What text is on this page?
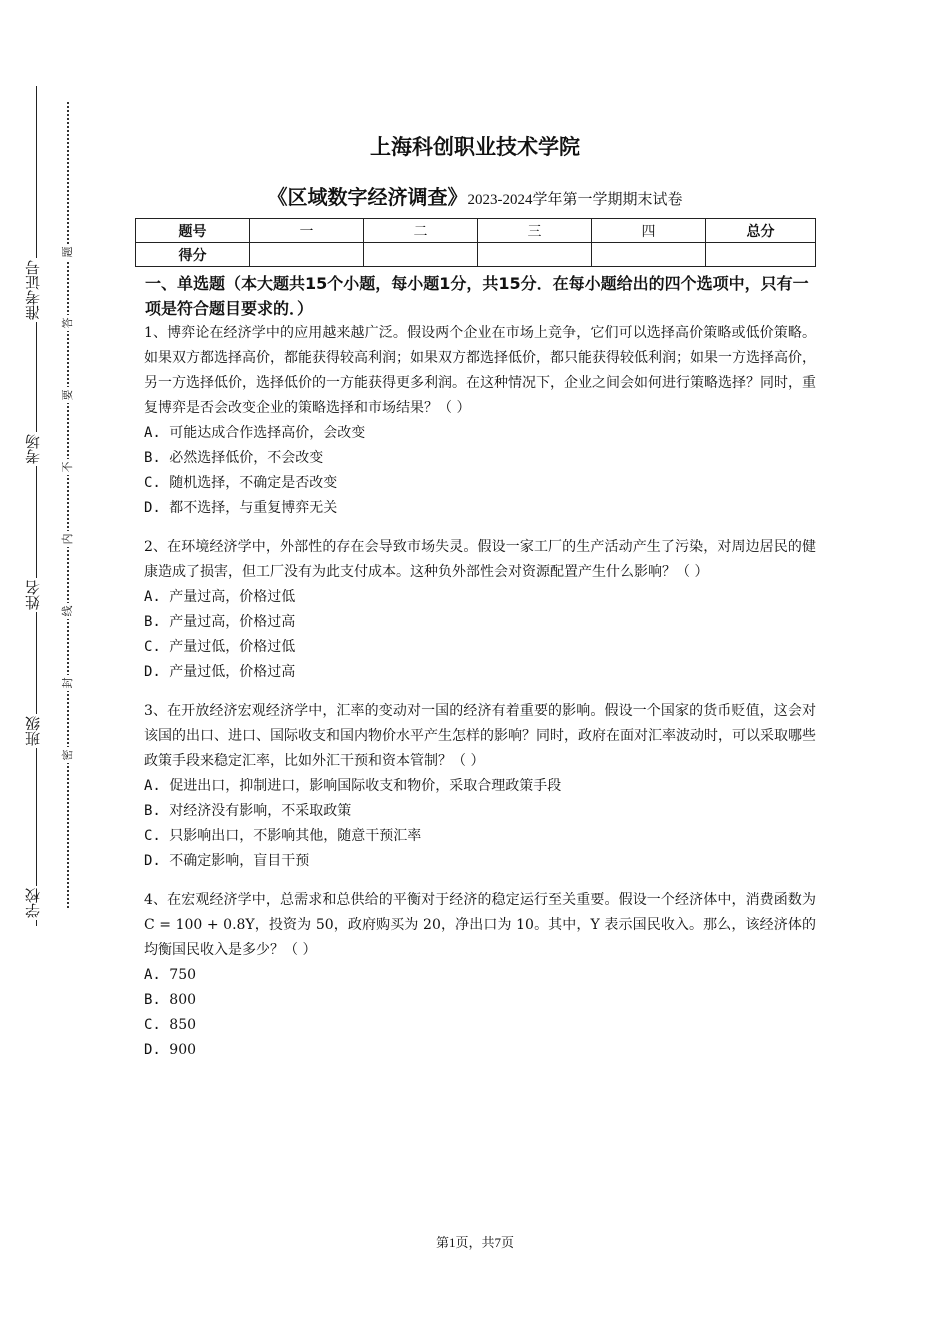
准考证号
考场
姓名
班级
学校
题
答
要
不
内
线
封
密
上海科创职业技术学院
《区域数字经济调查》2023-2024学年第一学期期末试卷
题号	一	二	三	四	总分
得分					
一、单选题（本大题共15个小题，每小题1分，共15分．在每小题给出的四个选项中，只有一项是符合题目要求的．）
1、博弈论在经济学中的应用越来越广泛。假设两个企业在市场上竞争，它们可以选择高价策略或低价策略。如果双方都选择高价，都能获得较高利润；如果双方都选择低价，都只能获得较低利润；如果一方选择高价，另一方选择低价，选择低价的一方能获得更多利润。在这种情况下，企业之间会如何进行策略选择？同时，重复博弈是否会改变企业的策略选择和市场结果？（ ）
A. 可能达成合作选择高价，会改变
B. 必然选择低价，不会改变
C. 随机选择，不确定是否改变
D. 都不选择，与重复博弈无关
2、在环境经济学中，外部性的存在会导致市场失灵。假设一家工厂的生产活动产生了污染，对周边居民的健康造成了损害，但工厂没有为此支付成本。这种负外部性会对资源配置产生什么影响？（ ）
A. 产量过高，价格过低
B. 产量过高，价格过高
C. 产量过低，价格过低
D. 产量过低，价格过高
3、在开放经济宏观经济学中，汇率的变动对一国的经济有着重要的影响。假设一个国家的货币贬值，这会对该国的出口、进口、国际收支和国内物价水平产生怎样的影响？同时，政府在面对汇率波动时，可以采取哪些政策手段来稳定汇率，比如外汇干预和资本管制？（ ）
A. 促进出口，抑制进口，影响国际收支和物价，采取合理政策手段
B. 对经济没有影响，不采取政策
C. 只影响出口，不影响其他，随意干预汇率
D. 不确定影响，盲目干预
4、在宏观经济学中，总需求和总供给的平衡对于经济的稳定运行至关重要。假设一个经济体中，消费函数为 C = 100 + 0.8Y，投资为 50，政府购买为 20，净出口为 10。其中，Y 表示国民收入。那么，该经济体的均衡国民收入是多少？（ ）
A. 750
B. 800
C. 850
D. 900
第1页，共7页
